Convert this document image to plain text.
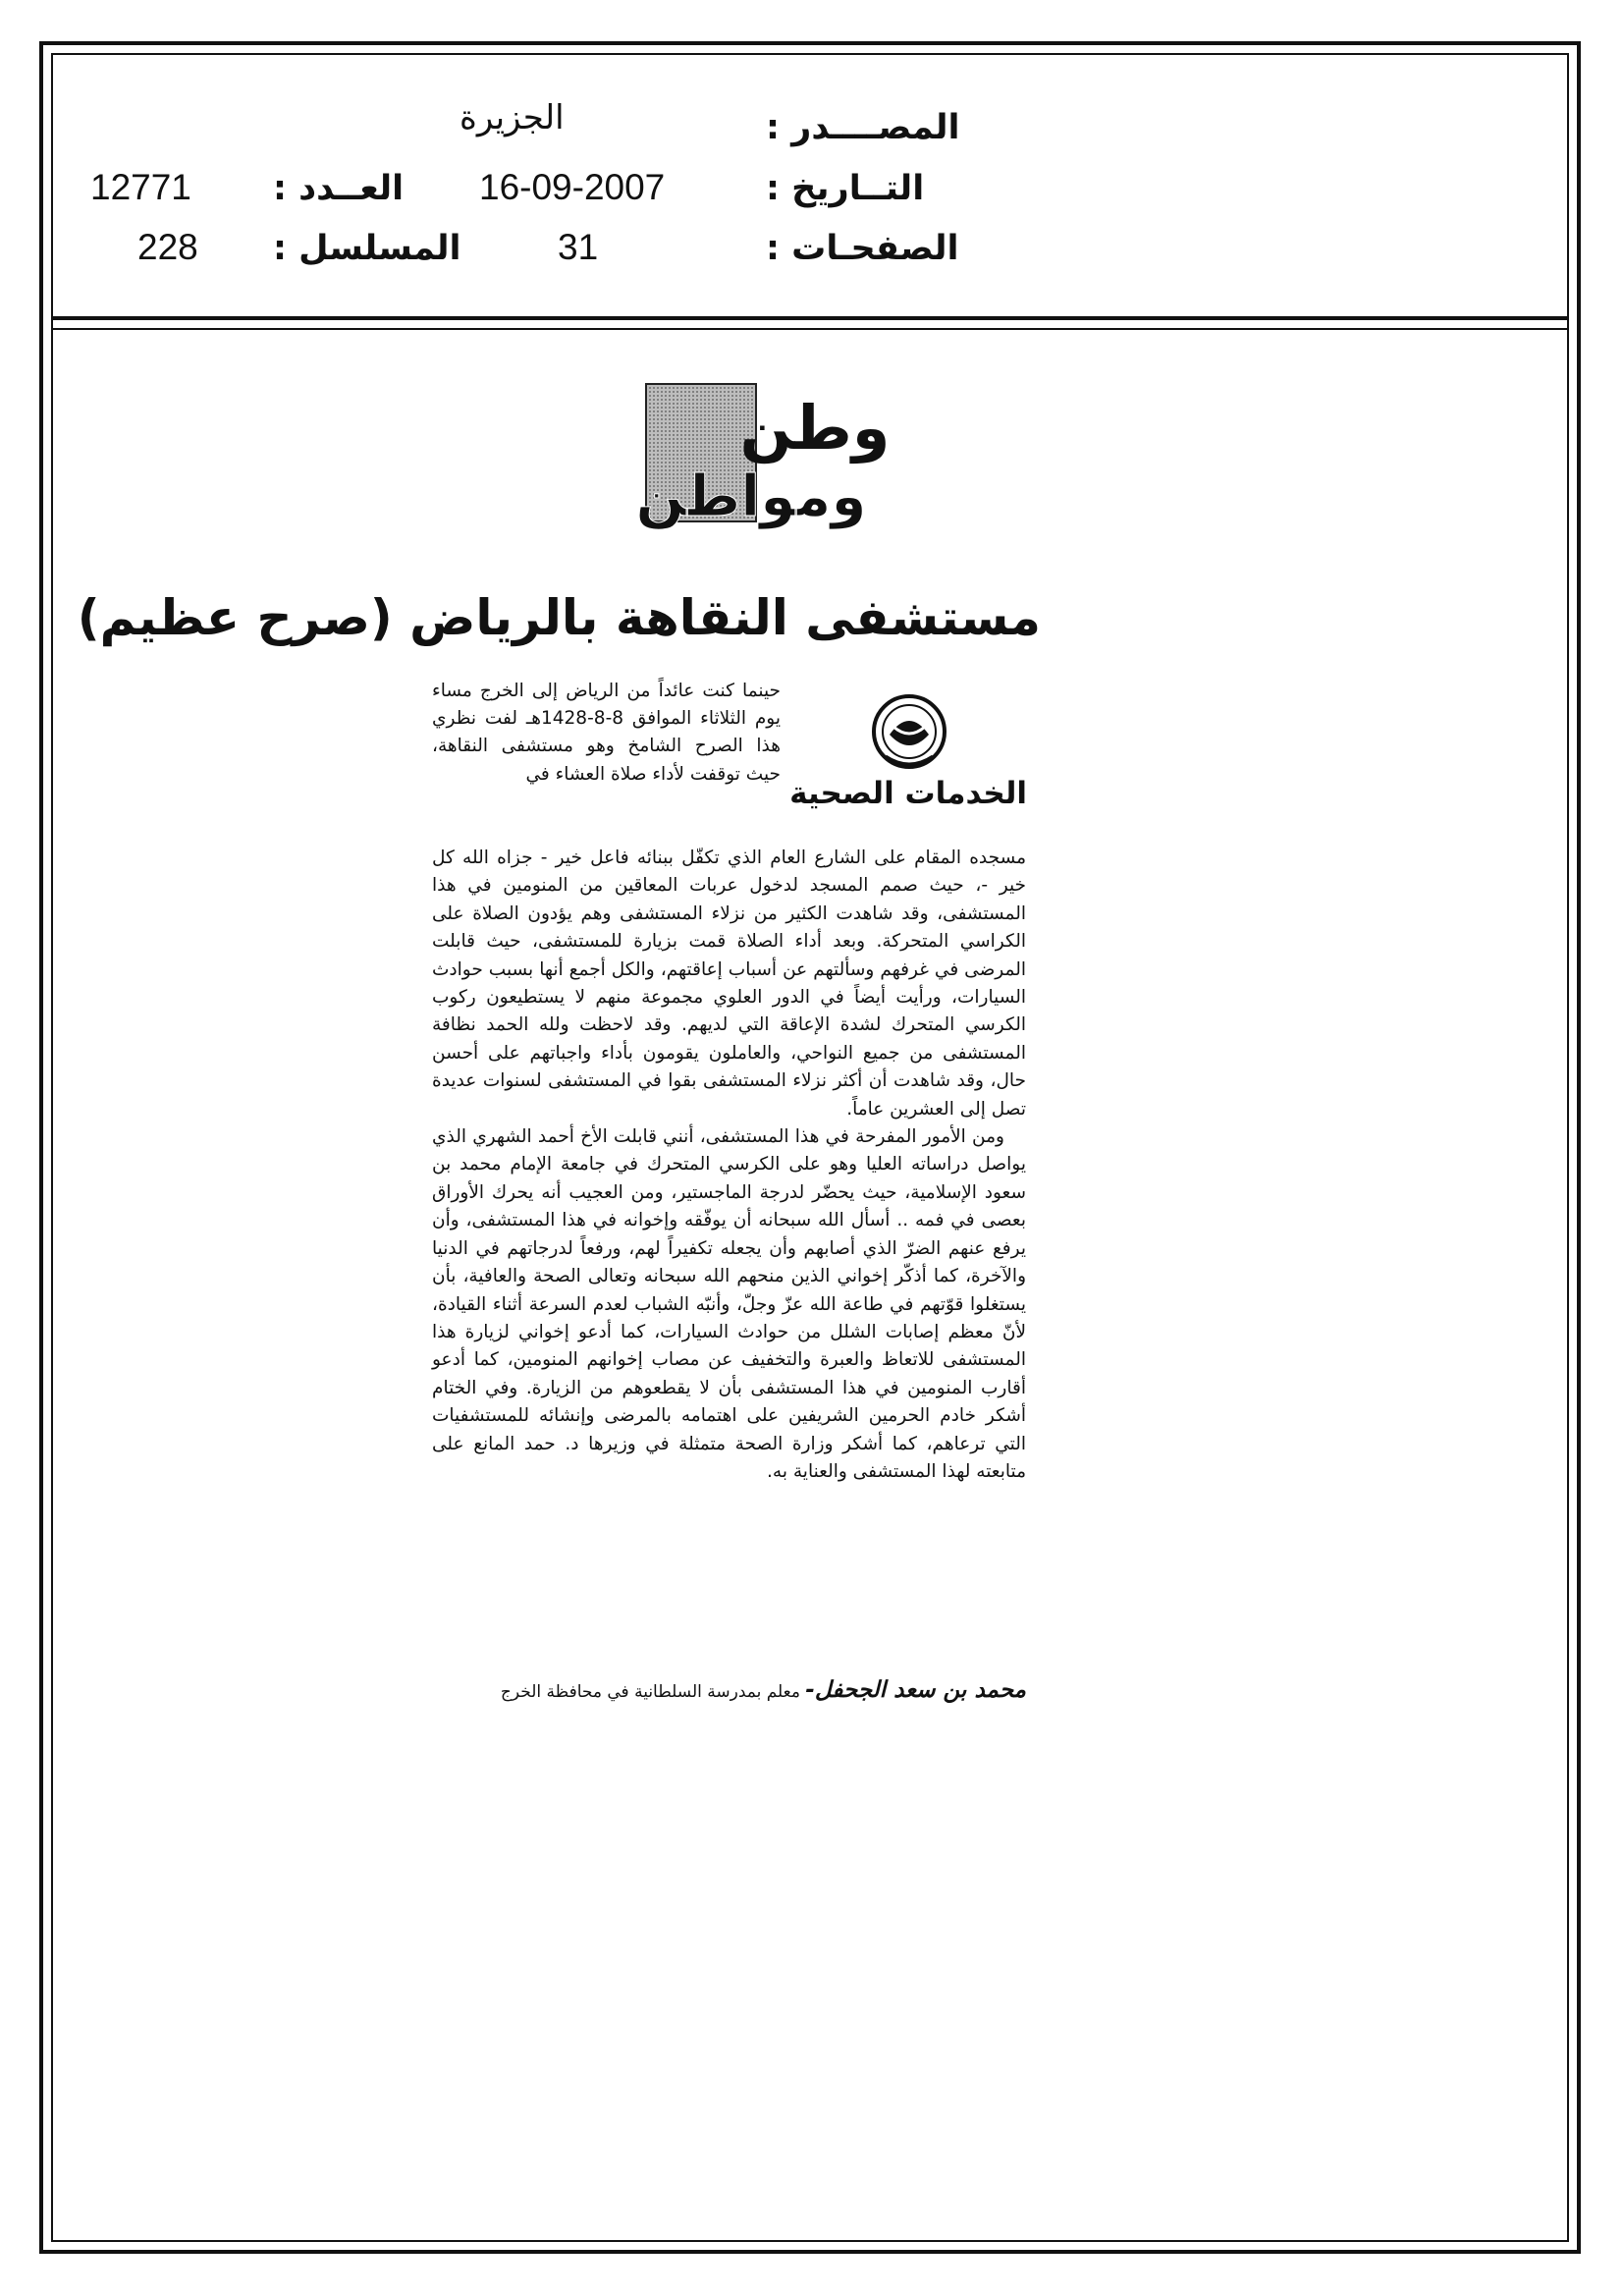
المصــــدر :
الجزيرة
التــاريخ :
16-09-2007
العــدد :
12771
الصفحـات :
31
المسلسل :
228
وطن
ومواطن
مستشفى النقاهة بالرياض (صرح عظيم)
الخدمات الصحية

حينما كنت عائداً من الرياض إلى الخرج مساء يوم الثلاثاء الموافق 8-8-1428هـ لفت نظري هذا الصرح الشامخ وهو مستشفى النقاهة، حيث توقفت لأداء صلاة العشاء في

مسجده المقام على الشارع العام الذي تكفّل ببنائه فاعل خير - جزاه الله كل خير -، حيث صمم المسجد لدخول عربات المعاقين من المنومين في هذا المستشفى، وقد شاهدت الكثير من نزلاء المستشفى وهم يؤدون الصلاة على الكراسي المتحركة. وبعد أداء الصلاة قمت بزيارة للمستشفى، حيث قابلت المرضى في غرفهم وسألتهم عن أسباب إعاقتهم، والكل أجمع أنها بسبب حوادث السيارات، ورأيت أيضاً في الدور العلوي مجموعة منهم لا يستطيعون ركوب الكرسي المتحرك لشدة الإعاقة التي لديهم. وقد لاحظت ولله الحمد نظافة المستشفى من جميع النواحي، والعاملون يقومون بأداء واجباتهم على أحسن حال، وقد شاهدت أن أكثر نزلاء المستشفى بقوا في المستشفى لسنوات عديدة تصل إلى العشرين عاماً.

ومن الأمور المفرحة في هذا المستشفى، أنني قابلت الأخ أحمد الشهري الذي يواصل دراساته العليا وهو على الكرسي المتحرك في جامعة الإمام محمد بن سعود الإسلامية، حيث يحضّر لدرجة الماجستير، ومن العجيب أنه يحرك الأوراق بعصى في فمه .. أسأل الله سبحانه أن يوفّقه وإخوانه في هذا المستشفى، وأن يرفع عنهم الضرّ الذي أصابهم وأن يجعله تكفيراً لهم، ورفعاً لدرجاتهم في الدنيا والآخرة، كما أذكّر إخواني الذين منحهم الله سبحانه وتعالى الصحة والعافية، بأن يستغلوا قوّتهم في طاعة الله عزّ وجلّ، وأنبّه الشباب لعدم السرعة أثناء القيادة، لأنّ معظم إصابات الشلل من حوادث السيارات، كما أدعو إخواني لزيارة هذا المستشفى للاتعاظ والعبرة والتخفيف عن مصاب إخوانهم المنومين، كما أدعو أقارب المنومين في هذا المستشفى بأن لا يقطعوهم من الزيارة. وفي الختام أشكر خادم الحرمين الشريفين على اهتمامه بالمرضى وإنشائه للمستشفيات التي ترعاهم، كما أشكر وزارة الصحة متمثلة في وزيرها د. حمد المانع على متابعته لهذا المستشفى والعناية به.

محمد بن سعد الجحفل- معلم بمدرسة السلطانية في محافظة الخرج
